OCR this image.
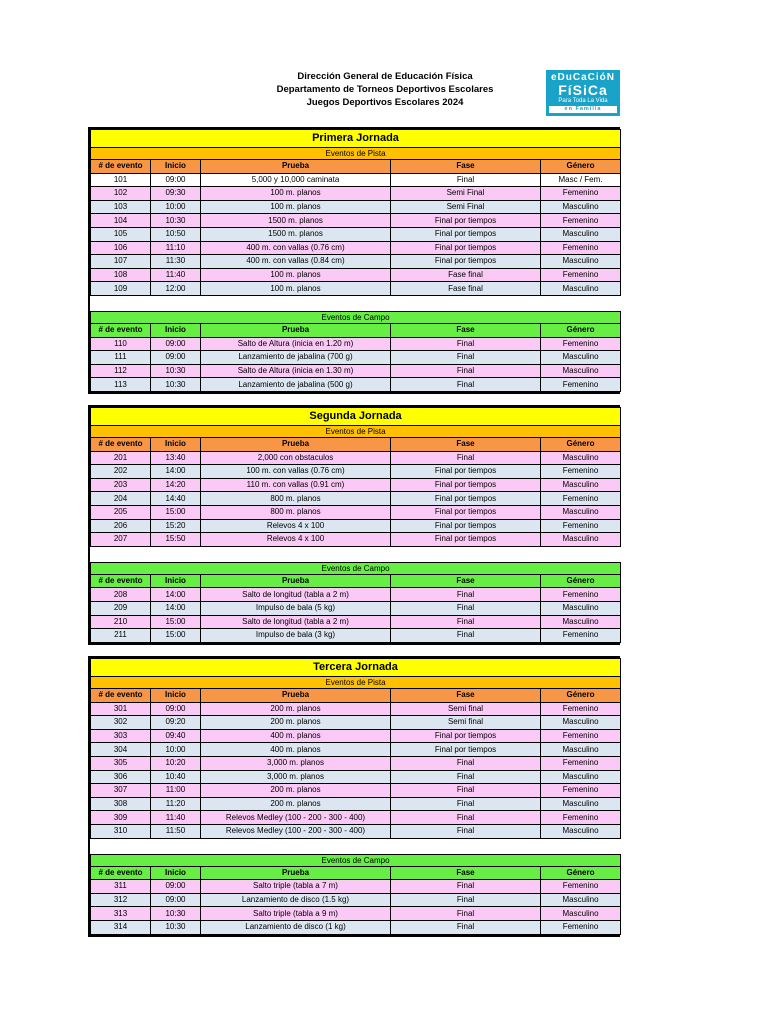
Dirección General de Educación Física
Departamento de Torneos Deportivos Escolares
Juegos Deportivos Escolares 2024
eDuCaCióN
FíSiCa
Para Toda La Vida
en Familia
Primera Jornada				
Eventos de Pista				
# de evento	Inicio	Prueba	Fase	Género
101	09:00	5,000 y 10,000 caminata	Final	Masc / Fem.
102	09:30	100 m. planos	Semi Final	Femenino
103	10:00	100 m. planos	Semi Final	Masculino
104	10:30	1500 m. planos	Final por tiempos	Femenino
105	10:50	1500 m. planos	Final por tiempos	Masculino
106	11:10	400 m. con vallas (0.76 cm)	Final por tiempos	Femenino
107	11:30	400 m. con vallas (0.84 cm)	Final por tiempos	Masculino
108	11:40	100 m. planos	Fase final	Femenino
109	12:00	100 m. planos	Fase final	Masculino

Eventos de Campo				
# de evento	Inicio	Prueba	Fase	Género
110	09:00	Salto de Altura (inicia en 1.20 m)	Final	Femenino
111	09:00	Lanzamiento de jabalina (700 g)	Final	Masculino
112	10:30	Salto de Altura (inicia en 1.30 m)	Final	Masculino
113	10:30	Lanzamiento de jabalina (500 g)	Final	Femenino
Segunda Jornada				
Eventos de Pista				
# de evento	Inicio	Prueba	Fase	Género
201	13:40	2,000 con obstaculos	Final	Masculino
202	14:00	100 m. con vallas (0.76 cm)	Final por tiempos	Femenino
203	14:20	110 m. con vallas (0.91 cm)	Final por tiempos	Masculino
204	14:40	800 m. planos	Final por tiempos	Femenino
205	15:00	800 m. planos	Final por tiempos	Masculino
206	15:20	Relevos 4 x 100	Final por tiempos	Femenino
207	15:50	Relevos 4 x 100	Final por tiempos	Masculino

Eventos de Campo				
# de evento	Inicio	Prueba	Fase	Género
208	14:00	Salto de longitud (tabla a 2 m)	Final	Femenino
209	14:00	Impulso de bala (5 kg)	Final	Masculino
210	15:00	Salto de longitud (tabla a 2 m)	Final	Masculino
211	15:00	Impulso de bala (3 kg)	Final	Femenino
Tercera Jornada				
Eventos de Pista				
# de evento	Inicio	Prueba	Fase	Género
301	09:00	200 m. planos	Semi final	Femenino
302	09:20	200 m. planos	Semi final	Masculino
303	09:40	400 m. planos	Final por tiempos	Femenino
304	10:00	400 m. planos	Final por tiempos	Masculino
305	10:20	3,000 m. planos	Final	Femenino
306	10:40	3,000 m. planos	Final	Masculino
307	11:00	200 m. planos	Final	Femenino
308	11:20	200 m. planos	Final	Masculino
309	11:40	Relevos Medley (100 - 200 - 300 - 400)	Final	Femenino
310	11:50	Relevos Medley (100 - 200 - 300 - 400)	Final	Masculino

Eventos de Campo				
# de evento	Inicio	Prueba	Fase	Género
311	09:00	Salto triple (tabla a 7 m)	Final	Femenino
312	09:00	Lanzamiento de disco (1.5 kg)	Final	Masculino
313	10:30	Salto triple (tabla a 9 m)	Final	Masculino
314	10:30	Lanzamiento de disco (1 kg)	Final	Femenino
